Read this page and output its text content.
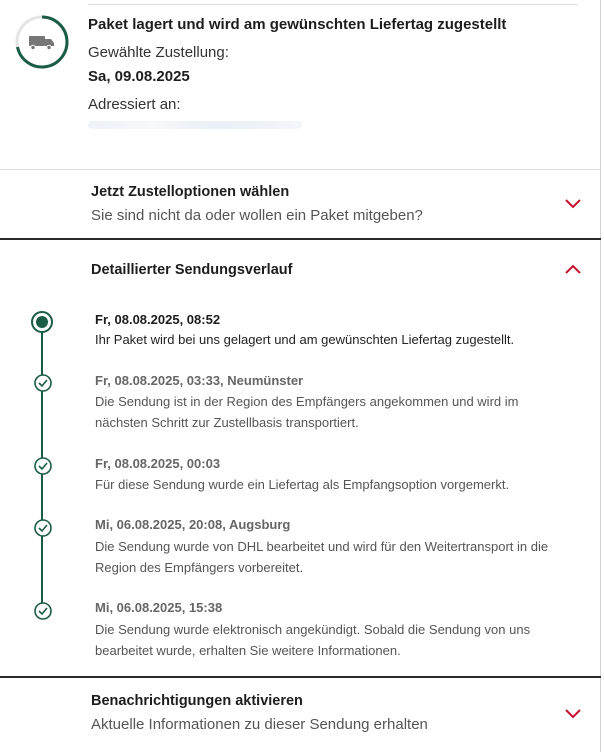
Paket lagert und wird am gewünschten Liefertag zugestellt
Gewählte Zustellung:
Sa, 09.08.2025
Adressiert an:
Jetzt Zustelloptionen wählen
Sie sind nicht da oder wollen ein Paket mitgeben?
Detaillierter Sendungsverlauf
Fr, 08.08.2025, 08:52
Ihr Paket wird bei uns gelagert und am gewünschten Liefertag zugestellt.
Fr, 08.08.2025, 03:33, Neumünster
Die Sendung ist in der Region des Empfängers angekommen und wird im nächsten Schritt zur Zustellbasis transportiert.
Fr, 08.08.2025, 00:03
Für diese Sendung wurde ein Liefertag als Empfangsoption vorgemerkt.
Mi, 06.08.2025, 20:08, Augsburg
Die Sendung wurde von DHL bearbeitet und wird für den Weitertransport in die Region des Empfängers vorbereitet.
Mi, 06.08.2025, 15:38
Die Sendung wurde elektronisch angekündigt. Sobald die Sendung von uns bearbeitet wurde, erhalten Sie weitere Informationen.
Benachrichtigungen aktivieren
Aktuelle Informationen zu dieser Sendung erhalten
